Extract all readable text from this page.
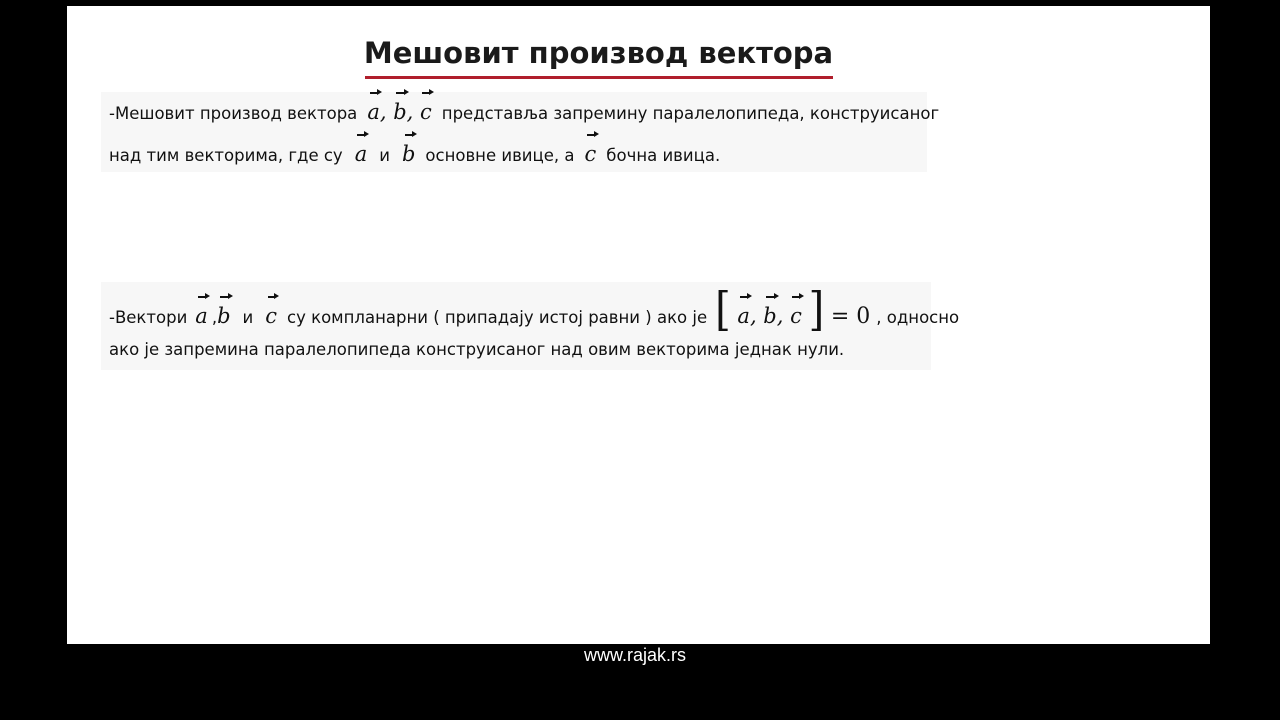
Мешовит производ вектора
-Мешовит производ вектора a, b, c представља запремину паралелопипеда, конструисаног
над тим векторима, где су a и b основне ивице, а c бочна ивица.
-Вектори a , b и c су компланарни ( припадају истој равни ) ако је [ a, b, c ] = 0 , односно
ако је запремина паралелопипеда конструисаног над овим векторима једнак нули.
www.rajak.rs
